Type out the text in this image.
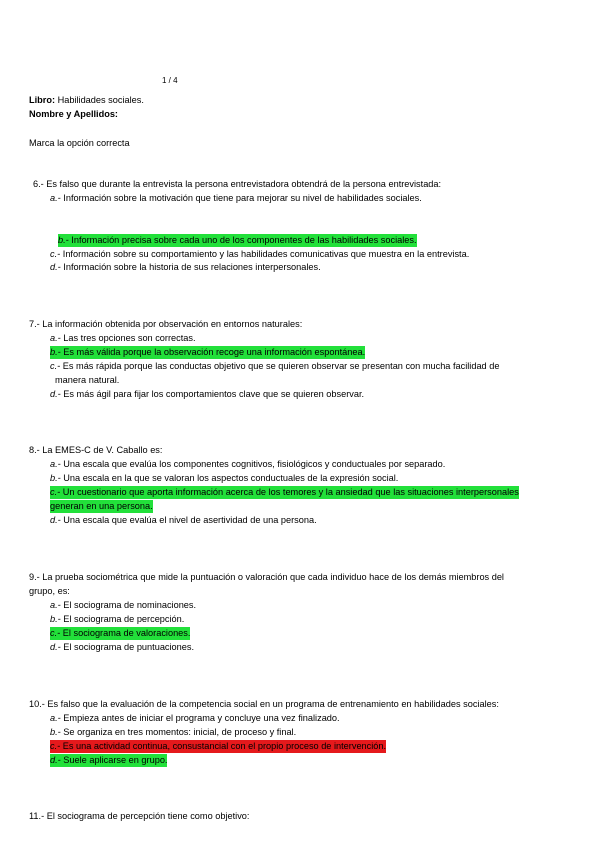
1 / 4
Libro: Habilidades sociales.
Nombre y Apellidos:
Marca la opción correcta
6.- Es falso que durante la entrevista la persona entrevistadora obtendrá de la persona entrevistada:
a.- Información sobre la motivación que tiene para mejorar su nivel de habilidades sociales.
b.- Información precisa sobre cada uno de los componentes de las habilidades sociales.
c.- Información sobre su comportamiento y las habilidades comunicativas que muestra en la entrevista.
d.- Información sobre la historia de sus relaciones interpersonales.
7.- La información obtenida por observación en entornos naturales:
a.- Las tres opciones son correctas.
b.- Es más válida porque la observación recoge una información espontánea.
c.- Es más rápida porque las conductas objetivo que se quieren observar se presentan con mucha facilidad de
manera natural.
d.- Es más ágil para fijar los comportamientos clave que se quieren observar.
8.- La EMES-C de V. Caballo es:
a.- Una escala que evalúa los componentes cognitivos, fisiológicos y conductuales por separado.
b.- Una escala en la que se valoran los aspectos conductuales de la expresión social.
c.- Un cuestionario que aporta información acerca de los temores y la ansiedad que las situaciones interpersonales
generan en una persona.
d.- Una escala que evalúa el nivel de asertividad de una persona.
9.- La prueba sociométrica que mide la puntuación o valoración que cada individuo hace de los demás miembros del
grupo, es:
a.- El sociograma de nominaciones.
b.- El sociograma de percepción.
c.- El sociograma de valoraciones.
d.- El sociograma de puntuaciones.
10.- Es falso que la evaluación de la competencia social en un programa de entrenamiento en habilidades sociales:
a.- Empieza antes de iniciar el programa y concluye una vez finalizado.
b.- Se organiza en tres momentos: inicial, de proceso y final.
c.- Es una actividad continua, consustancial con el propio proceso de intervención.
d.- Suele aplicarse en grupo.
11.- El sociograma de percepción tiene como objetivo:
